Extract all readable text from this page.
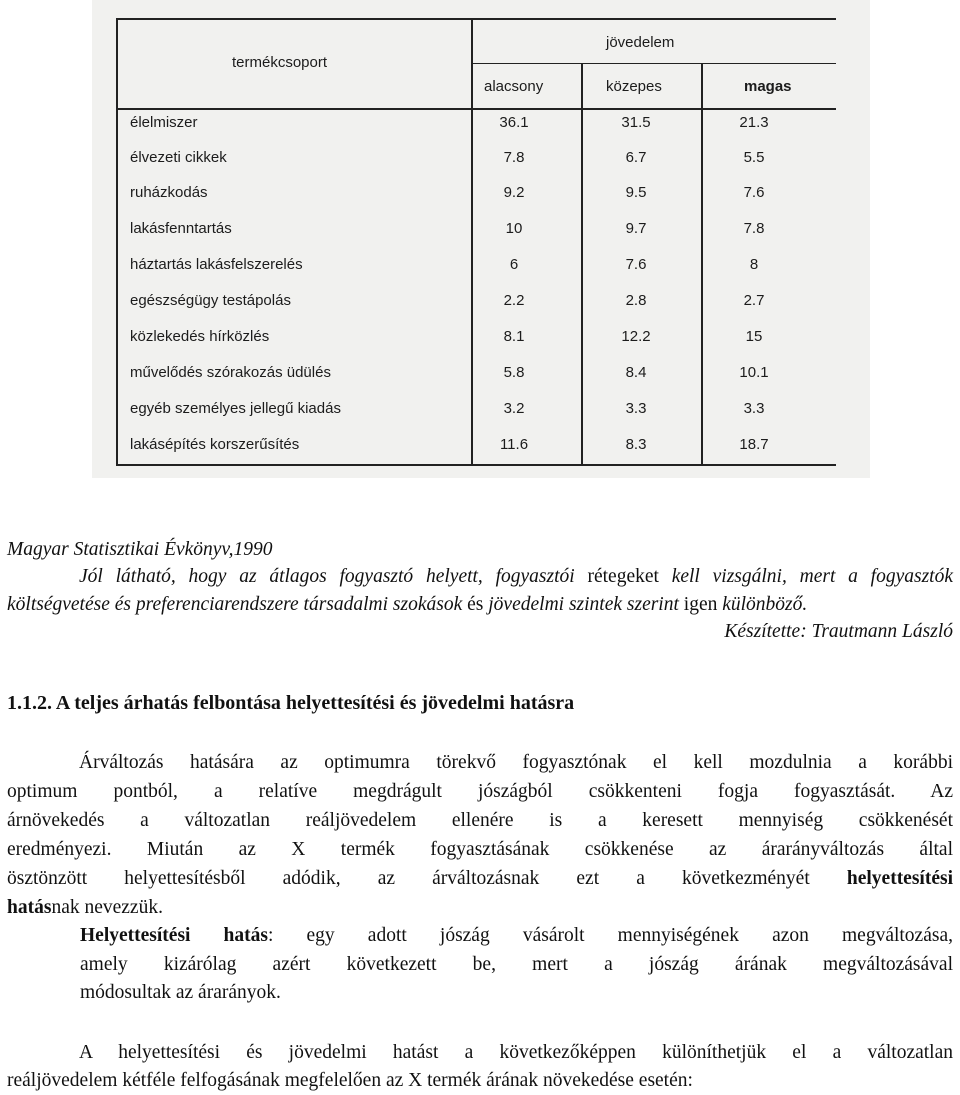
termékcsoport
jövedelem
alacsony	közepes	magas
élelmiszer	36.1	31.5	21.3
élvezeti cikkek	7.8	6.7	5.5
ruházkodás	9.2	9.5	7.6
lakásfenntartás	10	9.7	7.8
háztartás lakásfelszerelés	6	7.6	8
egészségügy testápolás	2.2	2.8	2.7
közlekedés hírközlés	8.1	12.2	15
művelődés szórakozás üdülés	5.8	8.4	10.1
egyéb személyes jellegű kiadás	3.2	3.3	3.3
lakásépítés korszerűsítés	11.6	8.3	18.7
Magyar Statisztikai Évkönyv,1990
Jól látható, hogy az átlagos fogyasztó helyett, fogyasztói rétegeket kell vizsgálni, mert a fogyasztók
költségvetése és preferenciarendszere társadalmi szokások és jövedelmi szintek szerint igen különböző.
Készítette: Trautmann László
1.1.2. A teljes árhatás felbontása helyettesítési és jövedelmi hatásra
Árváltozás hatására az optimumra törekvő fogyasztónak el kell mozdulnia a korábbi
optimum pontból, a relatíve megdrágult jószágból csökkenteni fogja fogyasztását. Az
árnövekedés a változatlan reáljövedelem ellenére is a keresett mennyiség csökkenését
eredményezi. Miután az X termék fogyasztásának csökkenése az árarányváltozás által
ösztönzött helyettesítésből adódik, az árváltozásnak ezt a következményét helyettesítési
hatásnak nevezzük.
Helyettesítési hatás: egy adott jószág vásárolt mennyiségének azon megváltozása,
amely kizárólag azért következett be, mert a jószág árának megváltozásával
módosultak az árarányok.
A helyettesítési és jövedelmi hatást a következőképpen különíthetjük el a változatlan
reáljövedelem kétféle felfogásának megfelelően az X termék árának növekedése esetén:
